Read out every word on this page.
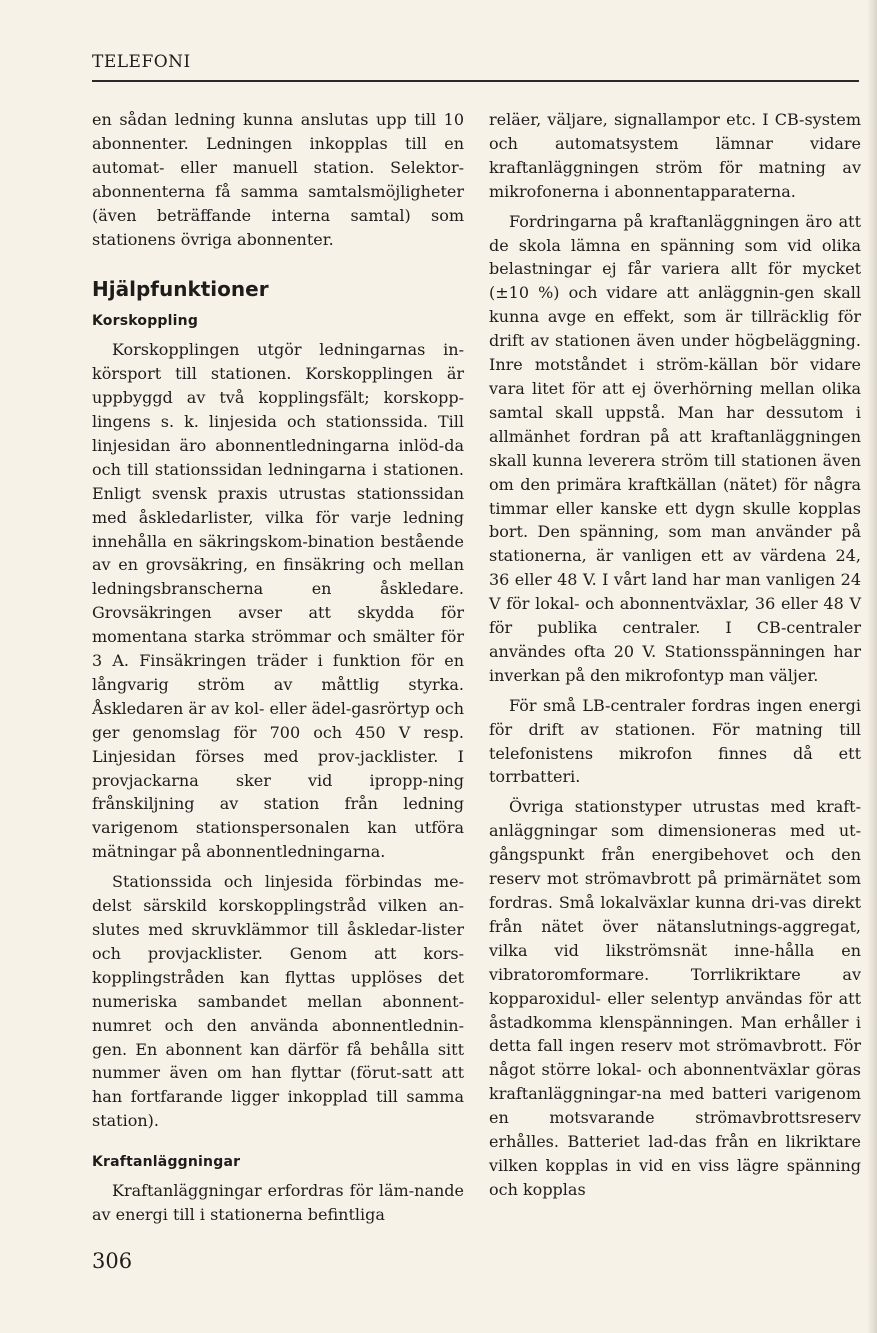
TELEFONI

en sådan ledning kunna anslutas upp till 10 abonnenter. Ledningen inkopplas till en automat- eller manuell station. Selektor-abonnenterna få samma samtalsmöjligheter (även beträffande interna samtal) som stationens övriga abonnenter.

Hjälpfunktioner
Korskoppling

Korskopplingen utgör ledningarnas in-körsport till stationen. Korskopplingen är uppbyggd av två kopplingsfält; korskopp-lingens s. k. linjesida och stationssida. Till linjesidan äro abonnentledningarna inlöd-da och till stationssidan ledningarna i stationen. Enligt svensk praxis utrustas stationssidan med åskledarlister, vilka för varje ledning innehålla en säkringskom-bination bestående av en grovsäkring, en finsäkring och mellan ledningsbranscherna en åskledare. Grovsäkringen avser att skydda för momentana starka strömmar och smälter för 3 A. Finsäkringen träder i funktion för en långvarig ström av måttlig styrka. Åskledaren är av kol- eller ädel-gasrörtyp och ger genomslag för 700 och 450 V resp. Linjesidan förses med prov-jacklister. I provjackarna sker vid ipropp-ning frånskiljning av station från ledning varigenom stationspersonalen kan utföra mätningar på abonnentledningarna.

Stationssida och linjesida förbindas me-delst särskild korskopplingstråd vilken an-slutes med skruvklämmor till åskledar-lister och provjacklister. Genom att kors-kopplingstråden kan flyttas upplöses det numeriska sambandet mellan abonnent-numret och den använda abonnentlednin-gen. En abonnent kan därför få behålla sitt nummer även om han flyttar (förut-satt att han fortfarande ligger inkopplad till samma station).

Kraftanläggningar

Kraftanläggningar erfordras för läm-nande av energi till i stationerna befintliga

reläer, väljare, signallampor etc. I CB-system och automatsystem lämnar vidare kraftanläggningen ström för matning av mikrofonerna i abonnentapparaterna.

Fordringarna på kraftanläggningen äro att de skola lämna en spänning som vid olika belastningar ej får variera allt för mycket (±10 %) och vidare att anläggnin-gen skall kunna avge en effekt, som är tillräcklig för drift av stationen även under högbeläggning. Inre motståndet i ström-källan bör vidare vara litet för att ej överhörning mellan olika samtal skall uppstå. Man har dessutom i allmänhet fordran på att kraftanläggningen skall kunna leverera ström till stationen även om den primära kraftkällan (nätet) för några timmar eller kanske ett dygn skulle kopplas bort. Den spänning, som man använder på stationerna, är vanligen ett av värdena 24, 36 eller 48 V. I vårt land har man vanligen 24 V för lokal- och abonnentväxlar, 36 eller 48 V för publika centraler. I CB-centraler användes ofta 20 V. Stationsspänningen har inverkan på den mikrofontyp man väljer.

För små LB-centraler fordras ingen energi för drift av stationen. För matning till telefonistens mikrofon finnes då ett torrbatteri.

Övriga stationstyper utrustas med kraft-anläggningar som dimensioneras med ut-gångspunkt från energibehovet och den reserv mot strömavbrott på primärnätet som fordras. Små lokalväxlar kunna dri-vas direkt från nätet över nätanslutnings-aggregat, vilka vid likströmsnät inne-hålla en vibratoromformare. Torrlikriktare av kopparoxidul- eller selentyp användas för att åstadkomma klenspänningen. Man erhåller i detta fall ingen reserv mot strömavbrott. För något större lokal- och abonnentväxlar göras kraftanläggningar-na med batteri varigenom en motsvarande strömavbrottsreserv erhålles. Batteriet lad-das från en likriktare vilken kopplas in vid en viss lägre spänning och kopplas

306
